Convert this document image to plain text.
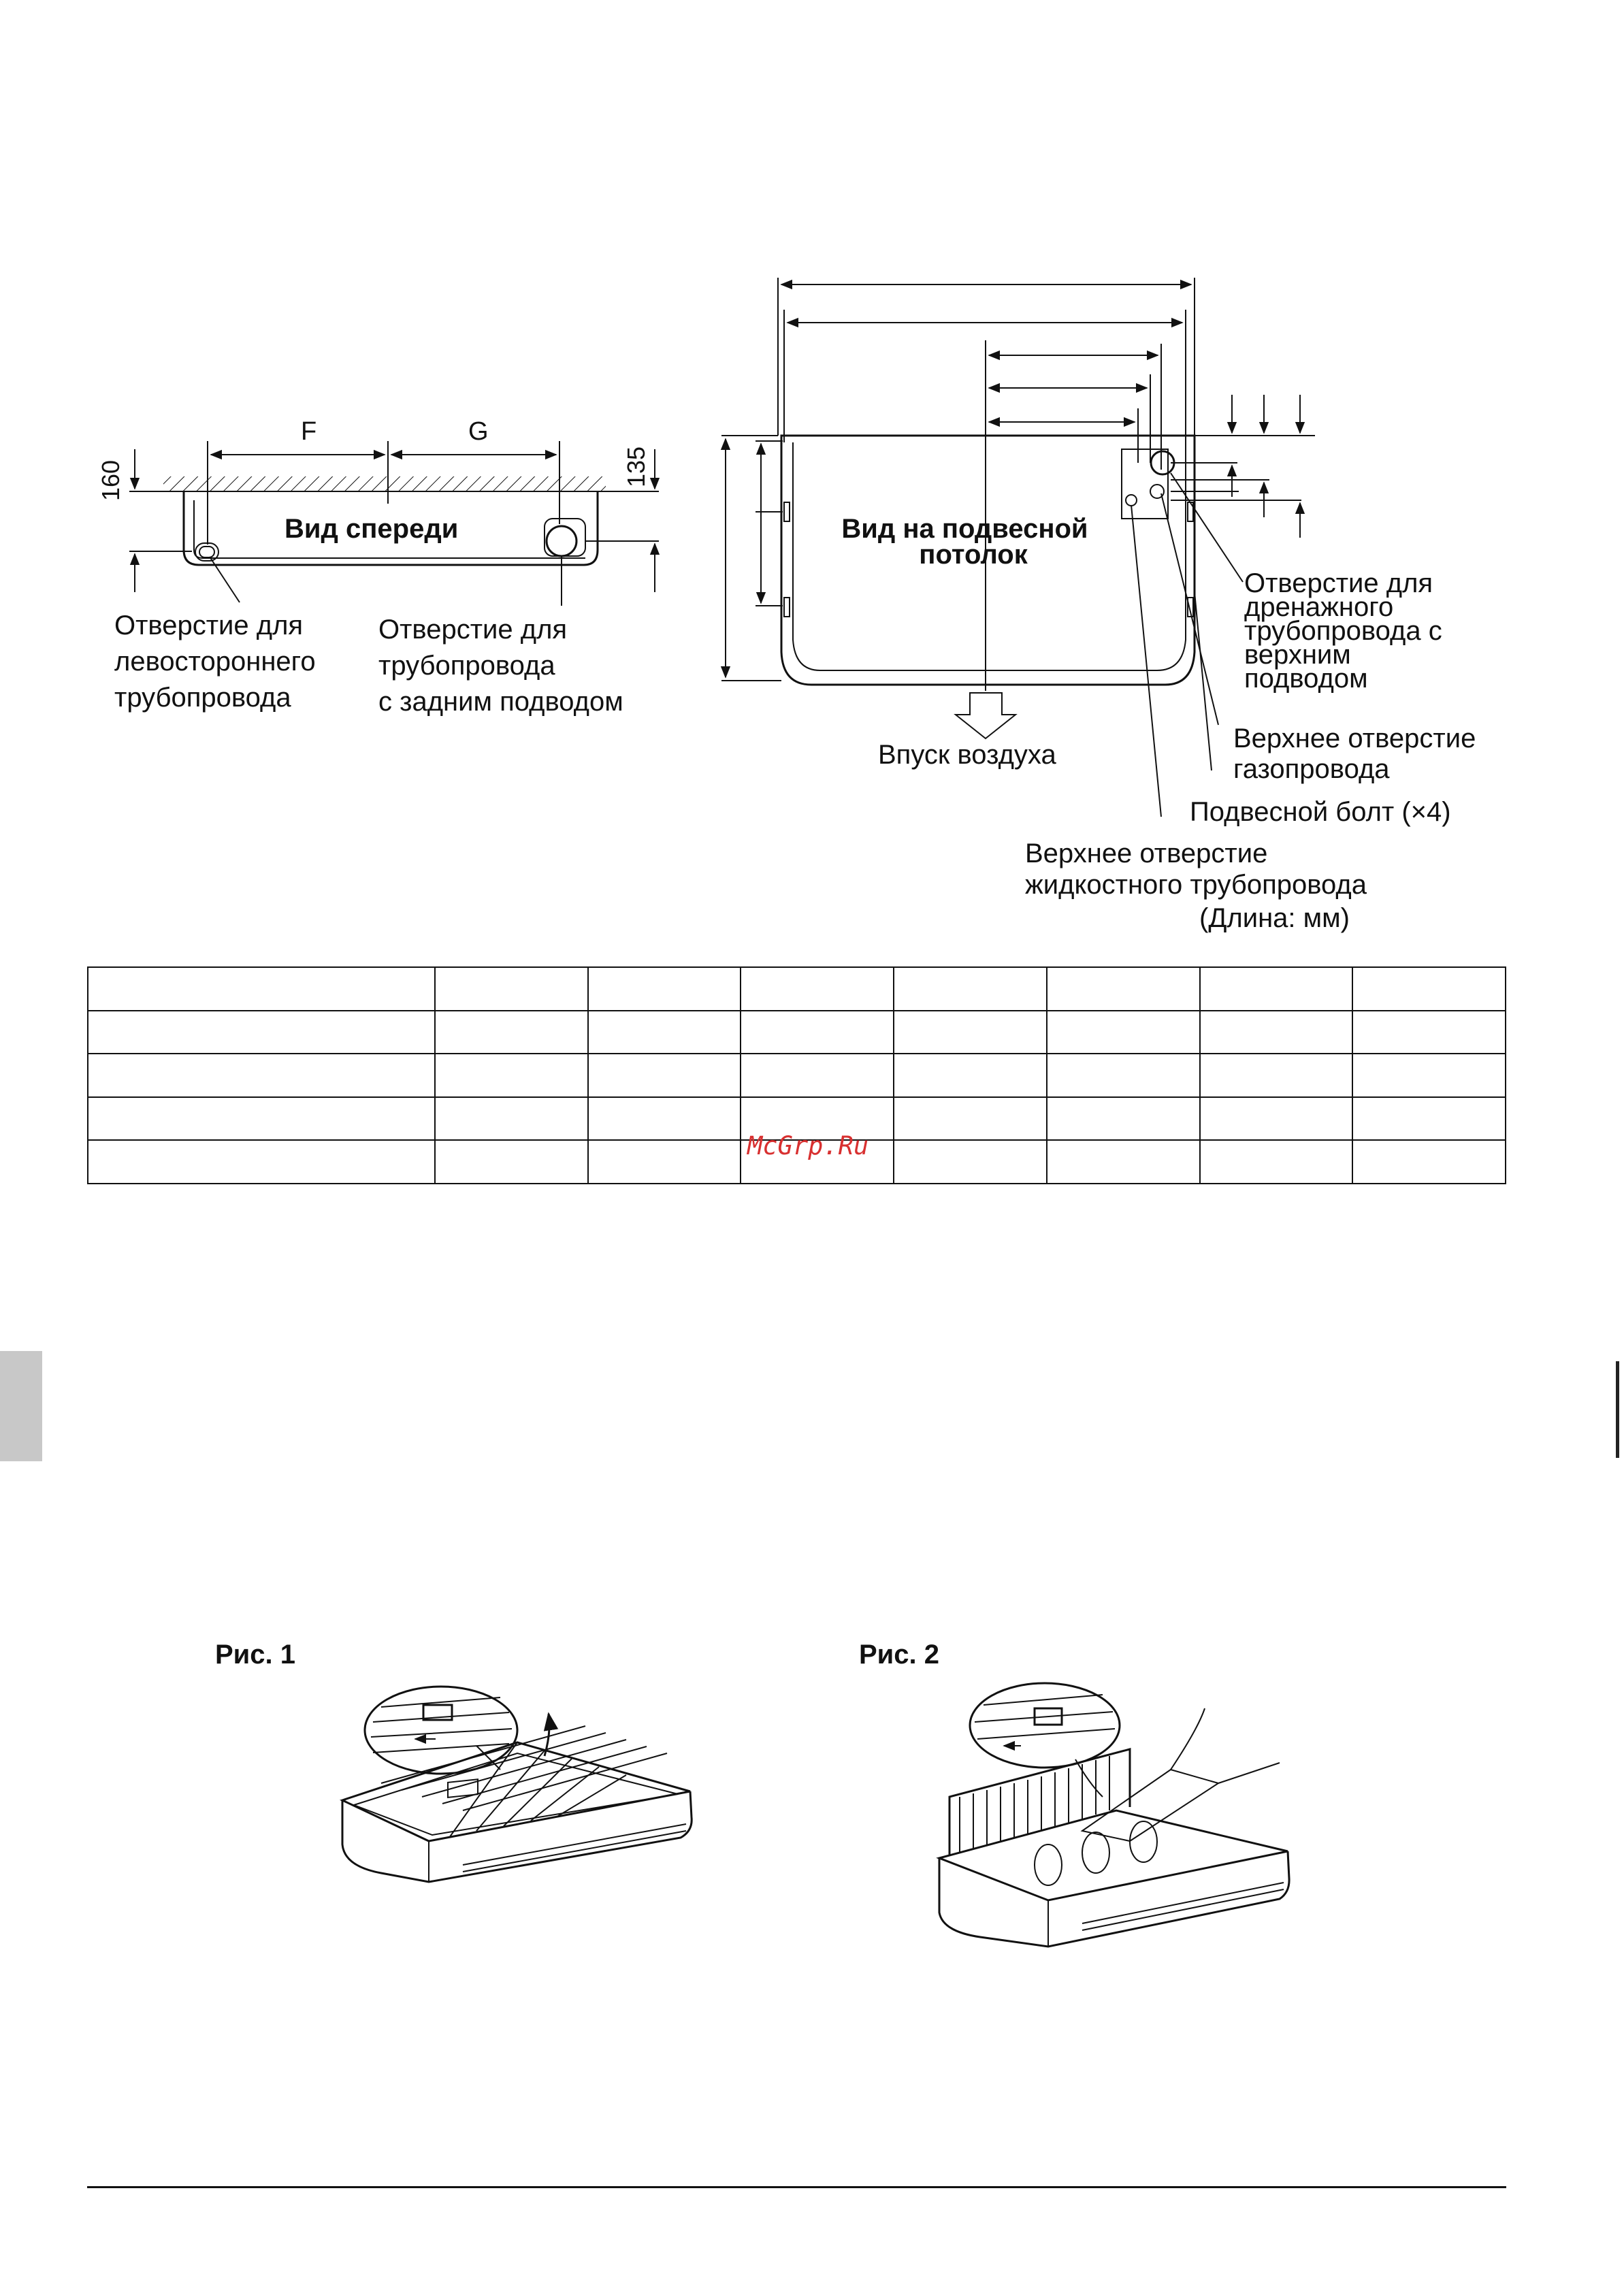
F	G
160	135
Вид спереди
Отверстие для левостороннего трубопровода
Отверстие для трубопровода с задним подводом
Вид на подвесной потолок
Впуск воздуха
Отверстие для дренажного трубопровода с верхним подводом
Верхнее отверстие газопровода
Подвесной болт (×4)
Верхнее отверстие жидкостного трубопровода
(Длина: мм)
Рис. 1	Рис. 2

McGrp.Ru
